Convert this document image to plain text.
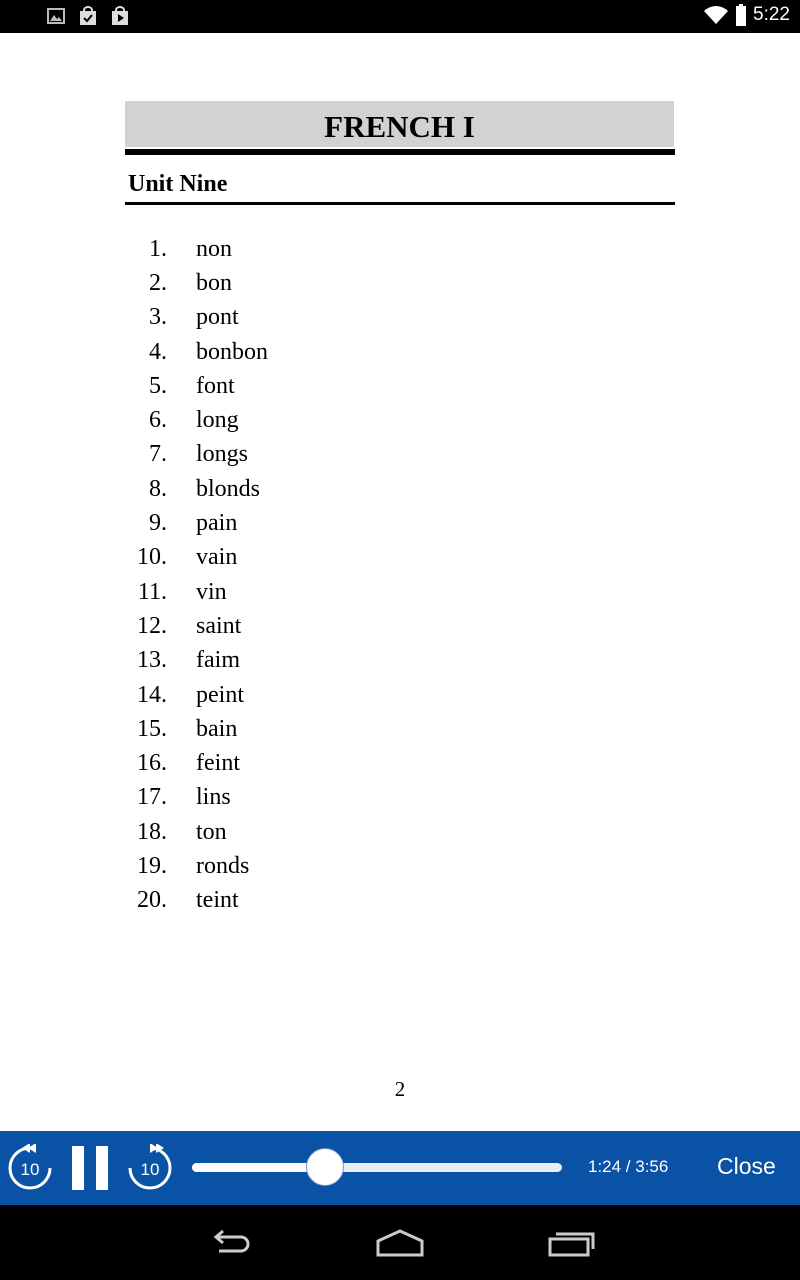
5:22
FRENCH I
Unit Nine
1. non
2. bon
3. pont
4. bonbon
5. font
6. long
7. longs
8. blonds
9. pain
10. vain
11. vin
12. saint
13. faim
14. peint
15. bain
16. feint
17. lins
18. ton
19. ronds
20. teint
2
10	10	1:24 / 3:56 Close
